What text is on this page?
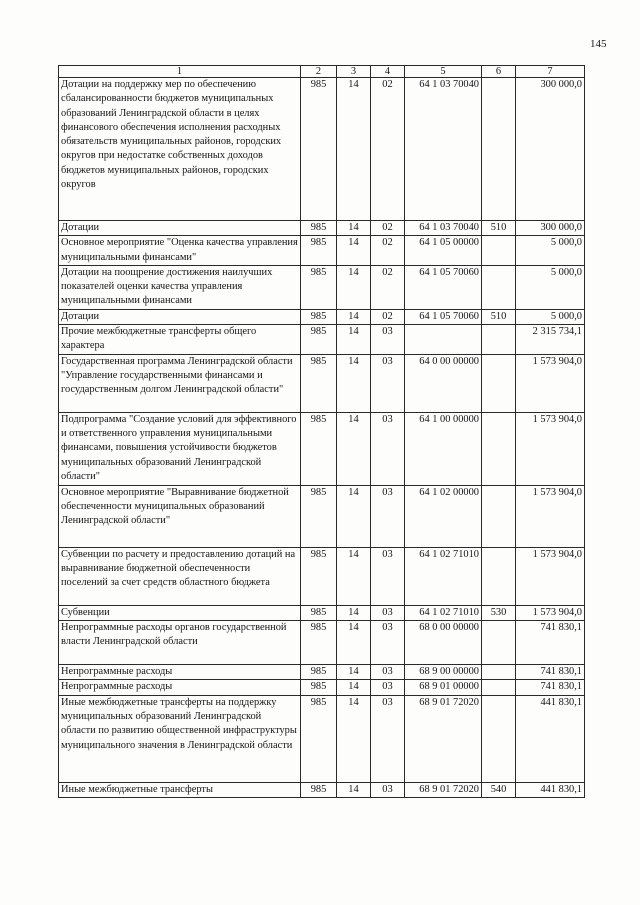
145
1	2	3	4	5	6	7
Дотации на поддержку мер по обеспечению сбалансированности бюджетов муниципальных образований Ленинградской области в целях финансового обеспечения исполнения расходных обязательств муниципальных районов, городских округов при недостатке собственных доходов бюджетов муниципальных районов, городских округов	985	14	02	64 1 03 70040		300 000,0
Дотации	985	14	02	64 1 03 70040	510	300 000,0
Основное мероприятие "Оценка качества управления муниципальными финансами"	985	14	02	64 1 05 00000		5 000,0
Дотации на поощрение достижения наилучших показателей оценки качества управления муниципальными финансами	985	14	02	64 1 05 70060		5 000,0
Дотации	985	14	02	64 1 05 70060	510	5 000,0
Прочие межбюджетные трансферты общего характера	985	14	03			2 315 734,1
Государственная программа Ленинградской области "Управление государственными финансами и государственным долгом Ленинградской области"	985	14	03	64 0 00 00000		1 573 904,0
Подпрограмма "Создание условий для эффективного и ответственного управления муниципальными финансами, повышения устойчивости бюджетов муниципальных образований Ленинградской области"	985	14	03	64 1 00 00000		1 573 904,0
Основное мероприятие "Выравнивание бюджетной обеспеченности муниципальных образований Ленинградской области"	985	14	03	64 1 02 00000		1 573 904,0
Субвенции по расчету и предоставлению дотаций на выравнивание бюджетной обеспеченности поселений за счет средств областного бюджета	985	14	03	64 1 02 71010		1 573 904,0
Субвенции	985	14	03	64 1 02 71010	530	1 573 904,0
Непрограммные расходы органов государственной власти Ленинградской области	985	14	03	68 0 00 00000		741 830,1
Непрограммные расходы	985	14	03	68 9 00 00000		741 830,1
Непрограммные расходы	985	14	03	68 9 01 00000		741 830,1
Иные межбюджетные трансферты на поддержку муниципальных образований Ленинградской области по развитию общественной инфраструктуры муниципального значения в Ленинградской области	985	14	03	68 9 01 72020		441 830,1
Иные межбюджетные трансферты	985	14	03	68 9 01 72020	540	441 830,1
